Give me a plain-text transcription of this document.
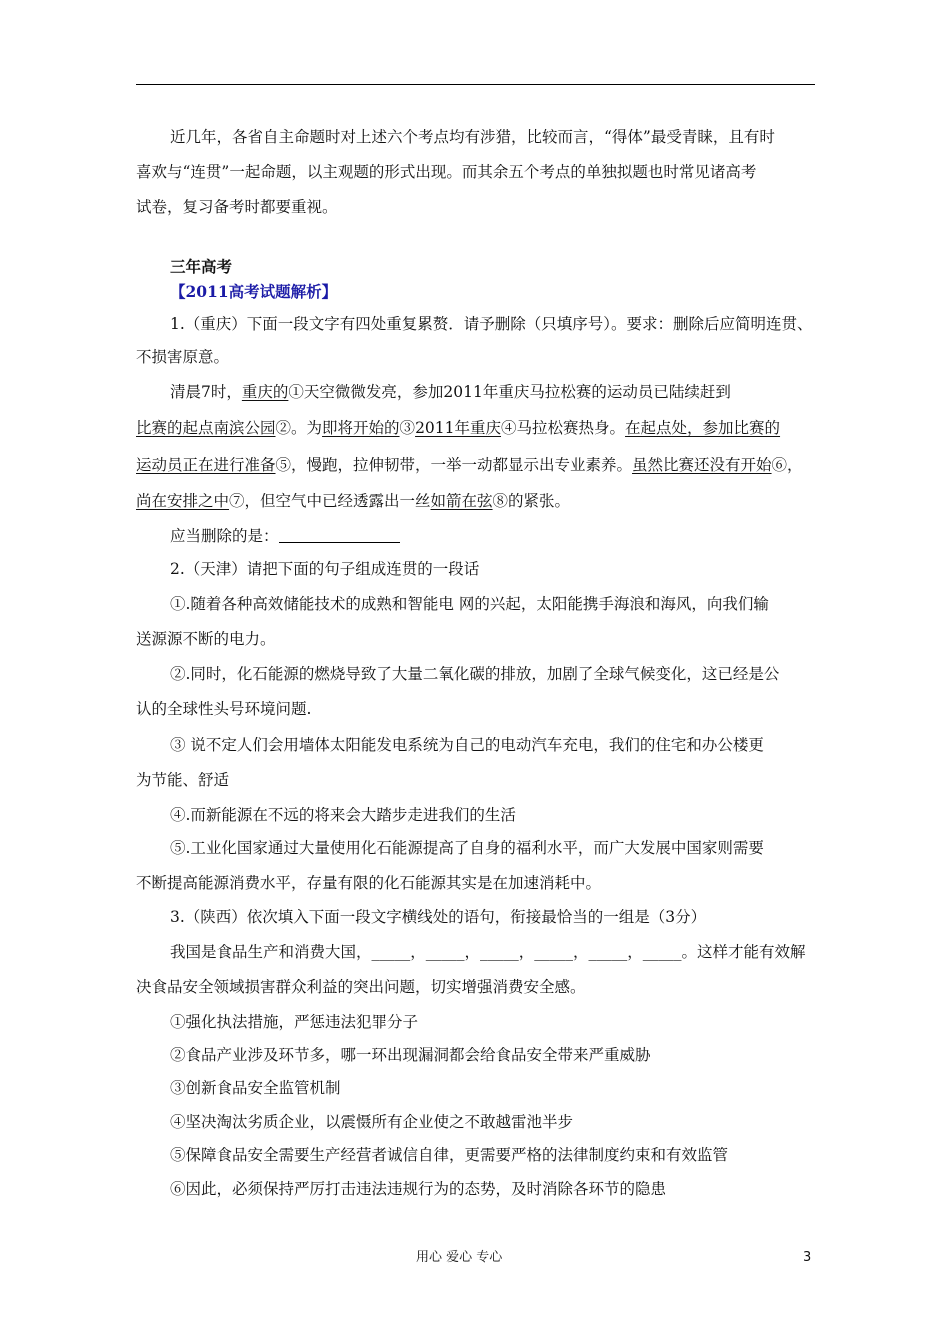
近几年，各省自主命题时对上述六个考点均有涉猎，比较而言，“得体”最受青睐，且有时
喜欢与“连贯”一起命题，以主观题的形式出现。而其余五个考点的单独拟题也时常见诸高考
试卷，复习备考时都要重视。
三年高考
【2011高考试题解析】
1.（重庆）下面一段文字有四处重复累赘．请予删除（只填序号）。要求：删除后应简明连贯、
不损害原意。
清晨7时，重庆的①天空微微发亮，参加2011年重庆马拉松赛的运动员已陆续赶到
比赛的起点南滨公园②。为即将开始的③2011年重庆④马拉松赛热身。在起点处，参加比赛的
运动员正在进行准备⑤，慢跑，拉伸韧带，一举一动都显示出专业素养。虽然比赛还没有开始⑥，
尚在安排之中⑦，但空气中已经透露出一丝如箭在弦⑧的紧张。
应当删除的是：
2.（天津）请把下面的句子组成连贯的一段话
①.随着各种高效储能技术的成熟和智能电 网的兴起，太阳能携手海浪和海风，向我们输
送源源不断的电力。
②.同时，化石能源的燃烧导致了大量二氧化碳的排放，加剧了全球气候变化，这已经是公
认的全球性头号环境问题.
③ 说不定人们会用墙体太阳能发电系统为自己的电动汽车充电，我们的住宅和办公楼更
为节能、舒适
④.而新能源在不远的将来会大踏步走进我们的生活
⑤.工业化国家通过大量使用化石能源提高了自身的福利水平，而广大发展中国家则需要
不断提高能源消费水平，存量有限的化石能源其实是在加速消耗中。
3.（陕西）依次填入下面一段文字横线处的语句，衔接最恰当的一组是（3分）
我国是食品生产和消费大国，_____，_____，_____，_____，_____，_____。这样才能有效解
决食品安全领域损害群众利益的突出问题，切实增强消费安全感。
①强化执法措施，严惩违法犯罪分子
②食品产业涉及环节多，哪一环出现漏洞都会给食品安全带来严重威胁
③创新食品安全监管机制
④坚决淘汰劣质企业，以震慑所有企业使之不敢越雷池半步
⑤保障食品安全需要生产经营者诚信自律，更需要严格的法律制度约束和有效监管
⑥因此，必须保持严厉打击违法违规行为的态势，及时消除各环节的隐患
用心 爱心 专心	3
